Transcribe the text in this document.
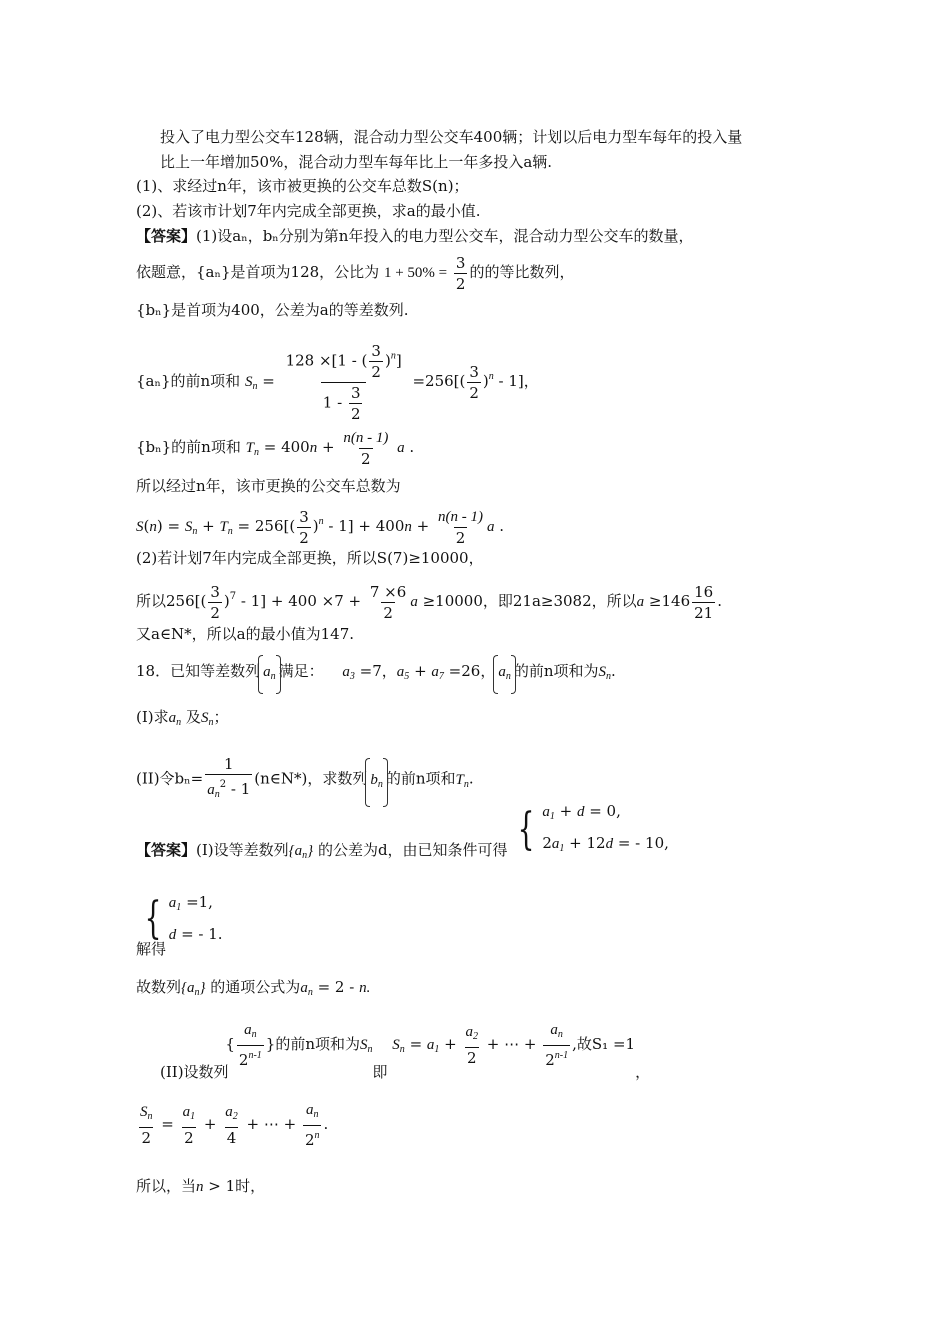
投入了电力型公交车128辆，混合动力型公交车400辆；计划以后电力型车每年的投入量
比上一年增加50%，混合动力型车每年比上一年多投入a辆.
(1)、求经过n年，该市被更换的公交车总数S(n)；
(2)、若该市计划7年内完成全部更换，求a的最小值.
【答案】(1)设aₙ，bₙ分别为第n年投入的电力型公交车，混合动力型公交车的数量，
依题意，{aₙ}是首项为128，公比为 $1 + 50\% = \frac{3}{2}$ 的的等比数列，
{bₙ}是首项为400，公差为a的等差数列.
{aₙ}的前n项和 $S_n = \frac{128 \times[1 - ( \frac{3}{2} )^n]}{1 - \frac{3}{2}} =256[( \frac{3}{2} )^n - 1]$，
{bₙ}的前n项和 $T_n = 400n + \frac{n(n - 1)}{2}$ a .
所以经过n年，该市更换的公交车总数为
$S(n) = S_n + T_n = 256[( \frac{3}{2} )^n - 1] + 400n + \frac{n(n - 1)}{2}$ a .
(2)若计划7年内完成全部更换，所以S(7)≥10000，
所以$256[( \frac{3}{2} )^7 - 1] + 400 \times 7 + \frac{7 \times 6}{2}$ a ≥10000，即21a≥3082，所以$a \ge 146 \frac{16}{21}$ .
又a∈N*，所以a的最小值为147.
18．已知等差数列 $a_n$ 满足： $a_3 =7$，$a_5 + a_7 =26$， $a_n$ 的前n项和为$S_n$.
(I)求$a_n$ 及$S_n$；
(II)令$b_n= \frac{1}{a_n^2 - 1}$ (n∈N*)，求数列 $b_n$ 的前n项和$T_n$.
【答案】(I)设等差数列$\{a_n\}$ 的公差为d，由已知条件可得 { $a_1 + d = 0$,
$2a_1 + 12d$ = - 10,
解得
{ $a_1 =1$,
d = - 1.
故数列$\{a_n\}$ 的通项公式为$a_n = 2 - n$.
(II)设数列 { $\frac{a_n}{2^{n-1}}$ }的前n项和为$S_n$即 $S_n = a_1 + \frac{a_2}{2}$ + ⋯ + $\frac{a_n}{2^{n-1}}$ ,故S₁ =1，
$\frac{S_n}{2} = \frac{a_1}{2} + \frac{a_2}{4}$ + ⋯ + $\frac{a_n}{2^n}$ .
所以，当n > 1时，
